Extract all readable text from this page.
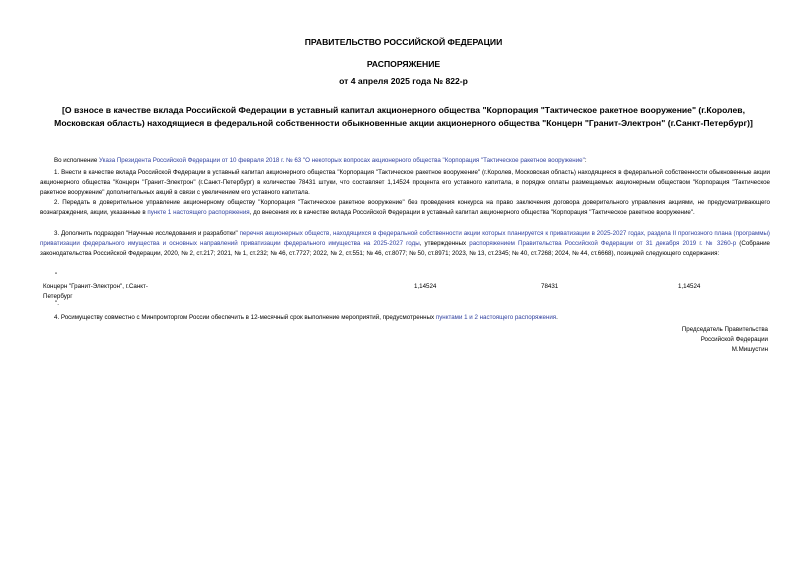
ПРАВИТЕЛЬСТВО РОССИЙСКОЙ ФЕДЕРАЦИИ
РАСПОРЯЖЕНИЕ
от 4 апреля 2025 года № 822-р
[О взносе в качестве вклада Российской Федерации в уставный капитал акционерного общества "Корпорация "Тактическое ракетное вооружение" (г.Королев, Московская область) находящиеся в федеральной собственности обыкновенные акции акционерного общества "Концерн "Гранит-Электрон" (г.Санкт-Петербург)]

Во исполнение Указа Президента Российской Федерации от 10 февраля 2018 г. № 63 "О некоторых вопросах акционерного общества "Корпорация "Тактическое ракетное вооружение":

1. Внести в качестве вклада Российской Федерации в уставный капитал акционерного общества "Корпорация "Тактическое ракетное вооружение" (г.Королев, Московская область) находящиеся в федеральной собственности обыкновенные акции акционерного общества "Концерн "Гранит-Электрон" (г.Санкт-Петербург) в количестве 78431 штуки, что составляет 1,14524 процента его уставного капитала, в порядке оплаты размещаемых акционерным обществом "Корпорация "Тактическое ракетное вооружение" дополнительных акций в связи с увеличением его уставного капитала.

2. Передать в доверительное управление акционерному обществу "Корпорация "Тактическое ракетное вооружение" без проведения конкурса на право заключения договора доверительного управления акциями, не предусматривающего вознаграждения, акции, указанные в пункте 1 настоящего распоряжения, до внесения их в качестве вклада Российской Федерации в уставный капитал акционерного общества "Корпорация "Тактическое ракетное вооружение".

3. Дополнить подраздел "Научные исследования и разработки" перечня акционерных обществ, находящихся в федеральной собственности акции которых планируется к приватизации в 2025-2027 годах, раздела II прогнозного плана (программы) приватизации федерального имущества и основных направлений приватизации федерального имущества на 2025-2027 годы, утвержденных распоряжением Правительства Российской Федерации от 31 декабря 2019 г. № 3260-р (Собрание законодательства Российской Федерации, 2020, № 2, ст.217; 2021, № 1, ст.232; № 46, ст.7727; 2022, № 2, ст.551; № 46, ст.8077; № 50, ст.8971; 2023, № 13, ст.2345; № 40, ст.7268; 2024, № 44, ст.6668), позицией следующего содержания:

"
Концерн "Гранит-Электрон", г.Санкт-Петербург
1,14524	78431	1,14524
".

4. Росимуществу совместно с Минпромторгом России обеспечить в 12-месячный срок выполнение мероприятий, предусмотренных пунктами 1 и 2 настоящего распоряжения.

Председатель Правительства
Российской Федерации
М.Мишустин
